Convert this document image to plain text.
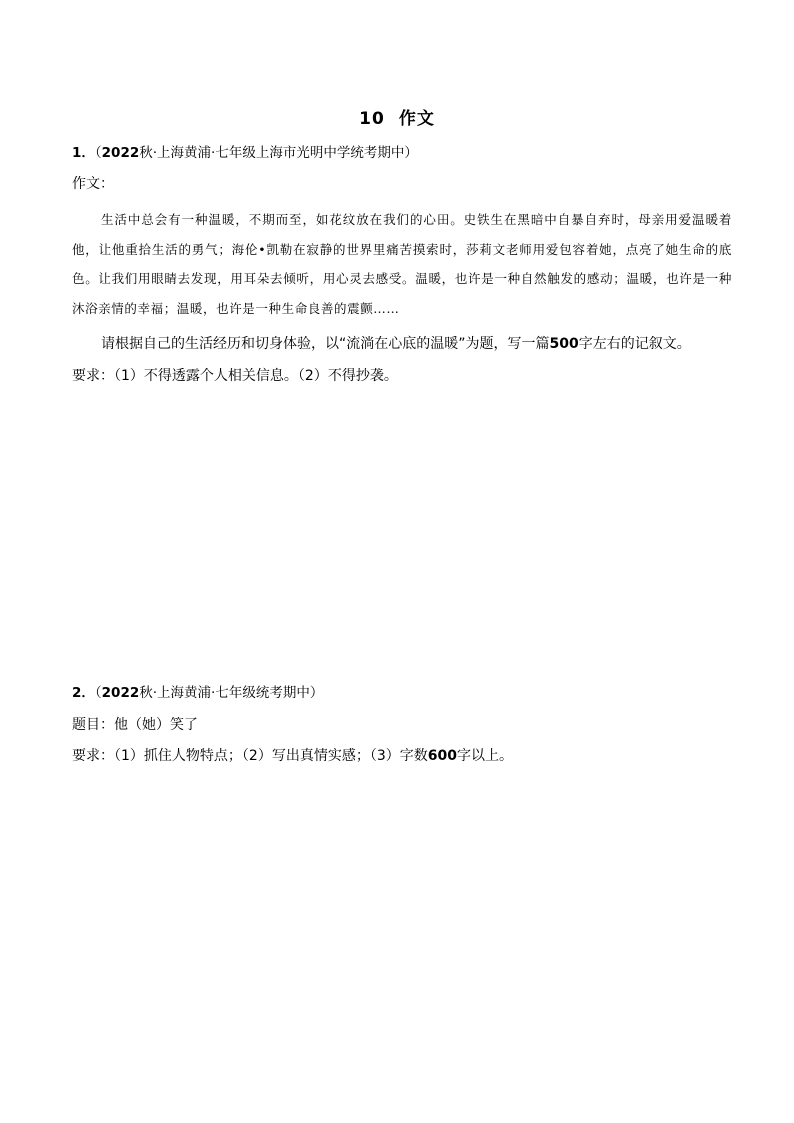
10 作文
1．（2022秋·上海黄浦·七年级上海市光明中学统考期中）
作文：
生活中总会有一种温暖，不期而至，如花纹放在我们的心田。史铁生在黑暗中自暴自弃时，母亲用爱温暖着他，让他重拾生活的勇气；海伦•凯勒在寂静的世界里痛苦摸索时，莎莉文老师用爱包容着她，点亮了她生命的底色。让我们用眼睛去发现，用耳朵去倾听，用心灵去感受。温暖，也许是一种自然触发的感动；温暖，也许是一种沐浴亲情的幸福；温暖，也许是一种生命良善的震颤……
请根据自己的生活经历和切身体验，以“流淌在心底的温暖”为题，写一篇500字左右的记叙文。
要求：（1）不得透露个人相关信息。（2）不得抄袭。
2．（2022秋·上海黄浦·七年级统考期中）
题目：他（她）笑了
要求：（1）抓住人物特点；（2）写出真情实感；（3）字数600字以上。
